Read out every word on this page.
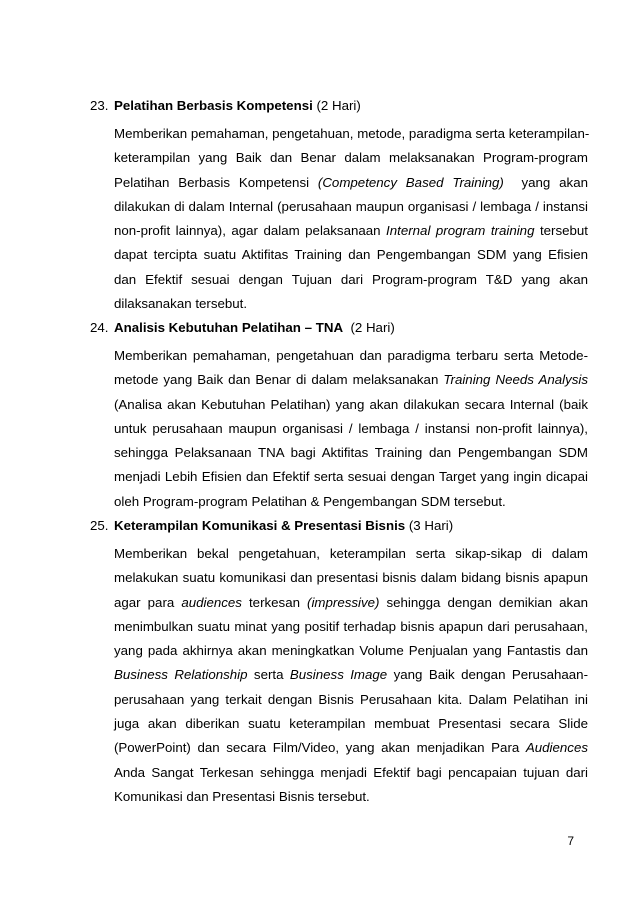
23. Pelatihan Berbasis Kompetensi (2 Hari)
Memberikan pemahaman, pengetahuan, metode, paradigma serta keterampilan-
keterampilan yang Baik dan Benar dalam melaksanakan Program-program
Pelatihan Berbasis Kompetensi (Competency Based Training)  yang akan
dilakukan di dalam Internal (perusahaan maupun organisasi / lembaga / instansi
non-profit lainnya), agar dalam pelaksanaan Internal program training tersebut
dapat tercipta suatu Aktifitas Training dan Pengembangan SDM yang Efisien
dan Efektif sesuai dengan Tujuan dari Program-program T&D yang akan
dilaksanakan tersebut.
24. Analisis Kebutuhan Pelatihan – TNA (2 Hari)
Memberikan pemahaman, pengetahuan dan paradigma terbaru serta Metode-
metode yang Baik dan Benar di dalam melaksanakan Training Needs Analysis
(Analisa akan Kebutuhan Pelatihan) yang akan dilakukan secara Internal (baik
untuk perusahaan maupun organisasi / lembaga / instansi non-profit lainnya),
sehingga Pelaksanaan TNA bagi Aktifitas Training dan Pengembangan SDM
menjadi Lebih Efisien dan Efektif serta sesuai dengan Target yang ingin dicapai
oleh Program-program Pelatihan & Pengembangan SDM tersebut.
25. Keterampilan Komunikasi & Presentasi Bisnis (3 Hari)
Memberikan bekal pengetahuan, keterampilan serta sikap-sikap di dalam
melakukan suatu komunikasi dan presentasi bisnis dalam bidang bisnis apapun
agar para audiences terkesan (impressive) sehingga dengan demikian akan
menimbulkan suatu minat yang positif terhadap bisnis apapun dari perusahaan,
yang pada akhirnya akan meningkatkan Volume Penjualan yang Fantastis dan
Business Relationship serta Business Image yang Baik dengan Perusahaan-
perusahaan yang terkait dengan Bisnis Perusahaan kita. Dalam Pelatihan ini
juga akan diberikan suatu keterampilan membuat Presentasi secara Slide
(PowerPoint) dan secara Film/Video, yang akan menjadikan Para Audiences
Anda Sangat Terkesan sehingga menjadi Efektif bagi pencapaian tujuan dari
Komunikasi dan Presentasi Bisnis tersebut.
7
